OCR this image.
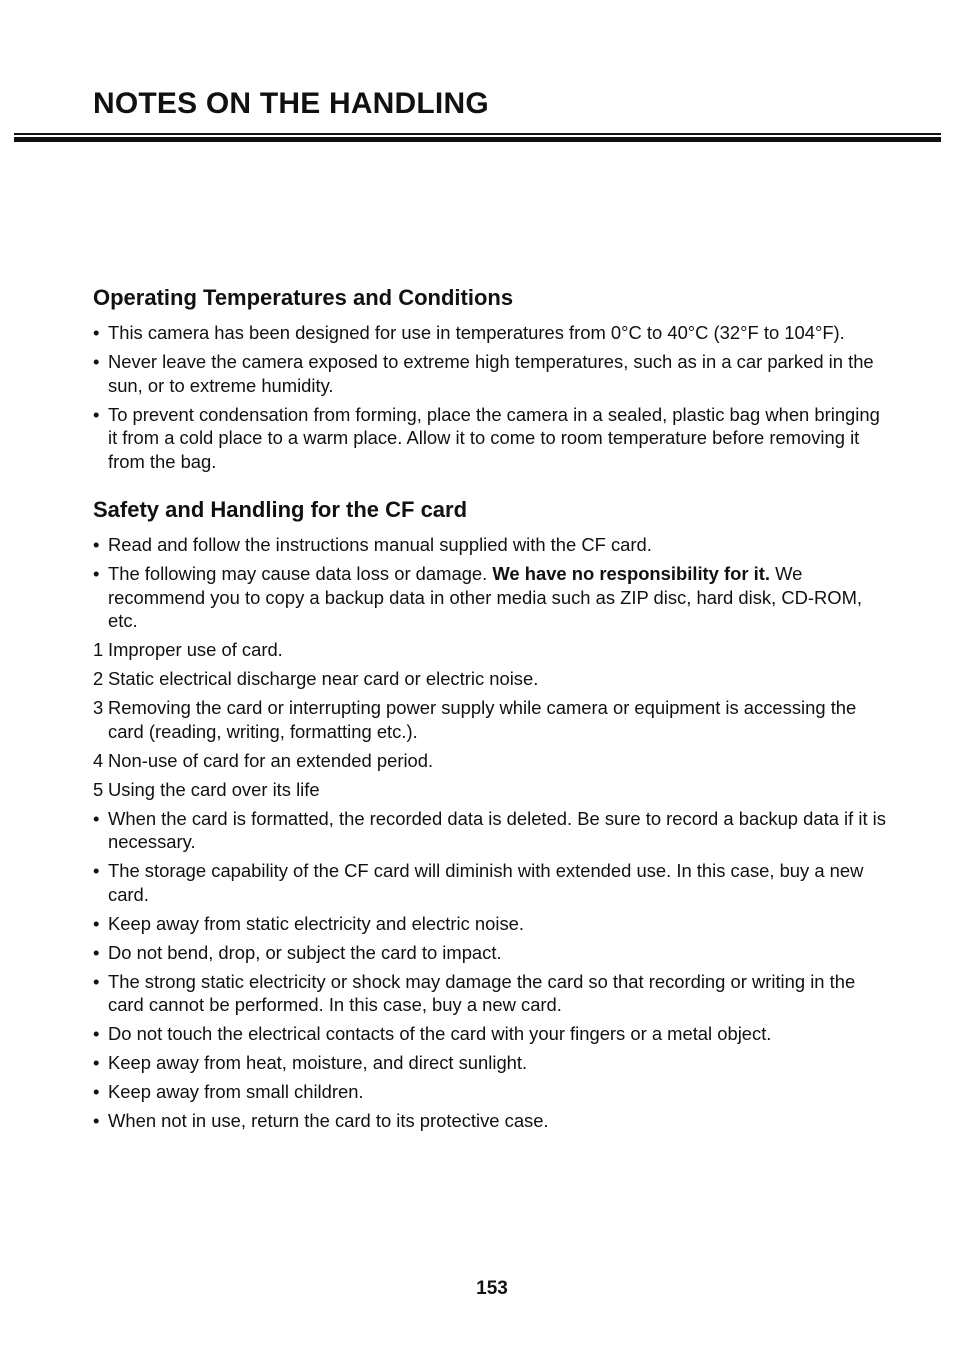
NOTES ON THE HANDLING
Operating Temperatures and Conditions
• This camera has been designed for use in temperatures from 0°C to 40°C (32°F to 104°F).
• Never leave the camera exposed to extreme high temperatures, such as in a car parked in the sun, or to extreme humidity.
• To prevent condensation from forming, place the camera in a sealed, plastic bag when bringing it from a cold place to a warm place. Allow it to come to room temperature before removing it from the bag.
Safety and Handling for the CF card
• Read and follow the instructions manual supplied with the CF card.
• The following may cause data loss or damage. We have no responsibility for it. We recommend you to copy a backup data in other media such as ZIP disc, hard disk, CD-ROM, etc.
1 Improper use of card.
2 Static electrical discharge near card or electric noise.
3 Removing the card or interrupting power supply while camera or equipment is accessing the card (reading, writing, formatting etc.).
4 Non-use of card for an extended period.
5 Using the card over its life
• When the card is formatted, the recorded data is deleted. Be sure to record a backup data if it is necessary.
• The storage capability of the CF card will diminish with extended use. In this case, buy a new card.
• Keep away from static electricity and electric noise.
• Do not bend, drop, or subject the card to impact.
• The strong static electricity or shock may damage the card so that recording or writing in the card cannot be performed. In this case, buy a new card.
• Do not touch the electrical contacts of the card with your fingers or a metal object.
• Keep away from heat, moisture, and direct sunlight.
• Keep away from small children.
• When not in use, return the card to its protective case.
153
